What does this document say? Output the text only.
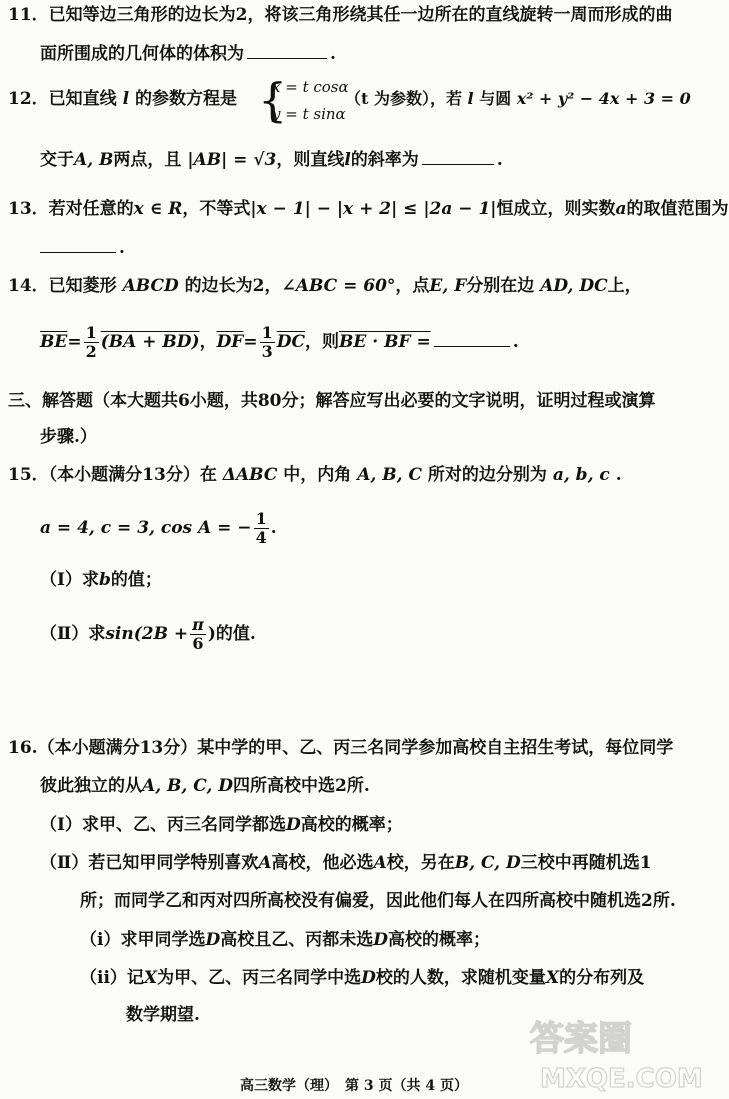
11．已知等边三角形的边长为2，将该三角形绕其任一边所在的直线旋转一周而形成的曲
面所围成的几何体的体积为	.
12．已知直线 l 的参数方程是 {
x = t cosα
y = t sinα
（t 为参数），若 l 与圆 x² + y² − 4x + 3 = 0
交于A, B两点，且 |AB| = √3，则直线l的斜率为	.
13．若对任意的x ∈ R，不等式|x − 1| − |x + 2| ≤ |2a − 1|恒成立，则实数a的取值范围为
.
14．已知菱形 ABCD 的边长为2，∠ABC = 60°，点E, F分别在边 AD, DC上，
$\overline{BE}= \frac{1}{2} (BA + BD)$，$\overline{DF}= \frac{1}{3} \overline{DC}$，则BE · BF =	.
三、解答题（本大题共6小题，共80分；解答应写出必要的文字说明，证明过程或演算
步骤.）
15．（本小题满分13分）在 ΔABC 中，内角 A, B, C 所对的边分别为 a, b, c .
a = 4, c = 3, cos A = − $\frac{1}{4}$ .
（Ⅰ）求b的值；
（Ⅱ）求$\sin(2B + \frac{\pi}{6}$ )的值.
16.（本小题满分13分）某中学的甲、乙、丙三名同学参加高校自主招生考试，每位同学
彼此独立的从A, B, C, D四所高校中选2所.
（Ⅰ）求甲、乙、丙三名同学都选D高校的概率；
（Ⅱ）若已知甲同学特别喜欢A高校，他必选A校，另在B, C, D三校中再随机选1
所；而同学乙和丙对四所高校没有偏爱，因此他们每人在四所高校中随机选2所.
（i）求甲同学选D高校且乙、丙都未选D高校的概率；
（ii）记X为甲、乙、丙三名同学中选D校的人数，求随机变量X的分布列及
数学期望.
答案圈
MXQE.COM
高三数学（理）　第 3 页（共 4 页）
